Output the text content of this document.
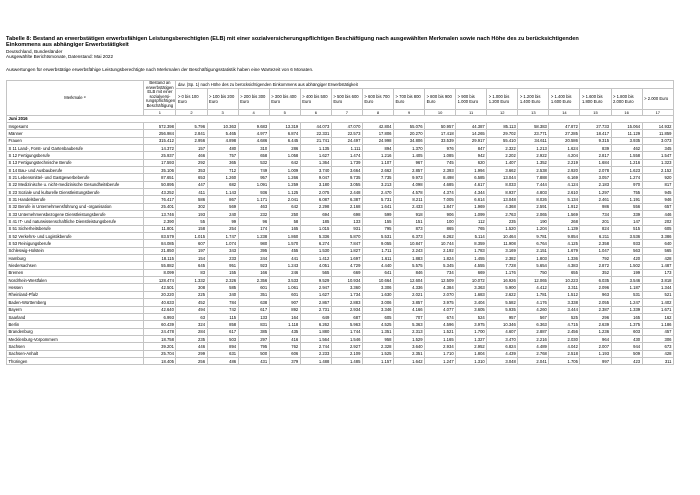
Tabelle 8: Bestand an erwerbstätigen erwerbsfähigen Leistungsberechtigten (ELB) mit einer sozialversicherungspflichtigen Beschäftigung nach ausgewählten Merkmalen sowie nach Höhe des zu berücksichtigenden
Einkommens aus abhängiger Erwerbstätigkeit
Deutschland, Bundesländer
Ausgewählte Berichtsmonate, Datenstand: Mai 2022
Auswertungen für erwerbstätige erwerbsfähige Leistungsberechtigte nach Merkmalen der Beschäftigungsstatistik haben eine Wartezeit von 6 Monaten.
Merkmale ¹⁾	Bestand an erwerbstätigen ELB mit einer sozialversi-rungspflichtigen Beschäftigung	dav. (Sp. 1) nach Höhe des zu berücksichtigenden Einkommens aus abhängiger Erwerbstätigkeit															
		> 0 bis 100 Euro	> 100 bis 200 Euro	> 200 bis 300 Euro	> 300 bis 400 Euro	> 400 bis 500 Euro	> 500 bis 600 Euro	> 600 bis 700 Euro	> 700 bis 800 Euro	> 800 bis 900 Euro	> 900 bis 1.000 Euro	> 1.000 bis 1.200 Euro	> 1.200 bis 1.400 Euro	> 1.400 bis 1.600 Euro	> 1.600 bis 1.800 Euro	> 1.800 bis 2.000 Euro	> 2.000 Euro
	1	2	3	4	5	6	7	8	9	10	11	12	13	14	15	16	17
Juni 2016																	
Insgesamt	572.398	5.796	10.363	9.683	13.319	44.073	47.070	42.804	55.076	50.957	44.387	85.113	58.383	47.872	27.733	15.064	14.932
Männer	256.984	2.841	5.465	4.977	6.874	22.331	22.573	17.806	20.270	17.418	14.265	29.702	23.771	27.285	18.417	11.129	11.859
Frauen	315.412	2.956	4.898	4.686	6.445	21.741	24.497	24.998	34.806	33.539	29.917	55.410	34.611	20.586	9.315	3.935	3.073
S 11 Land-, Forst- und Gartenbauberufe	14.372	157	480	310	286	1.135	1.111	894	1.370	976	847	2.322	1.213	1.624	839	462	345
S 12 Fertigungsberufe	25.937	466	757	658	1.058	1.627	1.474	1.216	1.405	1.085	942	2.202	2.922	4.204	2.817	1.558	1.547
S 13 Fertigungstechnische Berufe	17.593	292	365	532	642	1.364	1.739	1.107	967	745	620	1.407	1.352	2.219	1.684	1.216	1.323
S 14 Bau- und Ausbauberufe	35.106	353	712	749	1.009	3.740	3.664	2.662	2.857	2.393	1.994	3.662	2.538	2.920	2.078	1.623	2.152
S 21 Lebensmittel- und Gastgewerbeberufe	87.651	653	1.260	957	1.266	9.047	9.735	7.735	9.973	8.498	6.585	13.044	7.888	6.169	3.057	1.274	920
S 22 Medizinische u. nicht-medizinische Gesundheitsberufe	50.895	447	682	1.091	1.259	3.180	3.055	3.213	4.098	4.685	4.617	8.033	7.444	4.124	2.183	970	817
S 23 Soziale und kulturelle Dienstleistungsberufe	43.252	411	1.143	936	1.125	2.075	2.448	2.470	4.578	4.374	4.344	8.937	4.803	2.610	1.297	755	945
S 31 Handelsberufe	76.417	586	867	1.171	2.041	6.087	6.387	5.731	8.211	7.005	6.614	13.048	8.026	5.134	2.461	1.191	946
S 32 Berufe in Unternehmensführung und -organisation	25.401	302	569	463	642	2.298	2.168	1.641	2.433	1.847	1.969	4.368	2.591	1.912	986	556	657
S 33 Unternehmensbezogene Dienstleistungsberufe	13.746	193	240	232	250	694	698	599	918	906	1.099	2.763	2.065	1.569	734	339	446
S 41 IT- und naturwissenschaftliche Dienstleistungsberufe	2.390	55	99	96	58	185	133	155	151	100	112	235	190	268	201	147	202
S 51 Sicherheitsberufe	11.801	158	254	174	165	1.015	931	795	873	865	765	1.520	1.204	1.139	824	515	605
S 52 Verkehrs- und Logistikberufe	83.579	1.015	1.747	1.238	1.860	5.336	5.870	5.531	6.373	6.262	5.114	10.464	9.781	9.854	6.211	3.536	3.386
S 53 Reinigungsberufe	84.085	607	1.074	980	1.570	6.274	7.847	9.055	10.847	10.744	8.359	11.908	6.764	4.125	2.358	933	640
Schleswig-Holstein	21.850	197	343	395	455	1.530	1.827	1.711	2.243	2.192	1.783	3.169	2.151	1.679	1.047	563	565
Hamburg	18.115	154	233	244	441	1.412	1.697	1.611	1.883	1.824	1.455	2.382	1.803	1.336	792	420	428
Niedersachsen	55.882	645	951	923	1.243	4.051	4.729	4.440	5.575	5.345	4.555	7.728	5.654	4.383	2.872	1.502	1.487
Bremen	8.099	83	155	166	246	565	669	641	846	734	669	1.176	750	655	352	199	173
Nordrhein-Westfalen	128.474	1.332	2.326	2.356	3.533	9.529	10.934	10.664	12.604	12.509	10.072	16.926	12.065	10.223	6.035	3.546	3.818
Hessen	42.501	308	585	601	1.061	2.947	3.360	3.306	4.336	4.384	3.363	5.900	4.412	3.311	2.096	1.187	1.344
Rheinland-Pfalz	20.220	225	340	351	601	1.627	1.734	1.630	2.021	2.070	1.683	2.622	1.781	1.512	963	531	521
Baden-Württemberg	40.633	452	784	638	907	2.867	2.883	3.006	3.857	3.975	3.404	5.582	4.176	3.338	2.055	1.247	1.402
Bayern	42.640	494	742	617	892	2.731	2.934	3.346	4.166	4.077	3.605	5.935	4.260	3.444	2.387	1.339	1.671
Saarland	6.993	63	115	133	164	649	687	605	707	674	524	957	567	525	296	165	162
Berlin	60.439	324	858	831	1.118	6.262	5.963	4.525	5.363	4.596	3.975	10.346	6.363	4.715	2.639	1.375	1.186
Brandenburg	24.478	284	617	385	435	1.880	1.744	1.351	2.313	1.521	1.700	4.607	2.887	2.456	1.236	603	457
Mecklenburg-Vorpommern	18.758	235	503	297	416	1.564	1.546	958	1.529	1.165	1.327	3.470	2.216	2.030	964	430	306
Sachsen	39.201	446	894	795	762	2.744	2.927	2.328	3.640	2.934	2.952	6.824	4.489	4.042	2.007	944	673
Sachsen-Anhalt	25.704	299	631	500	606	2.233	2.109	1.525	2.351	1.710	1.804	4.439	2.768	2.518	1.193	509	428
Thüringen	18.405	256	486	431	379	1.488	1.485	1.157	1.642	1.247	1.310	3.048	2.041	1.705	997	423	311
